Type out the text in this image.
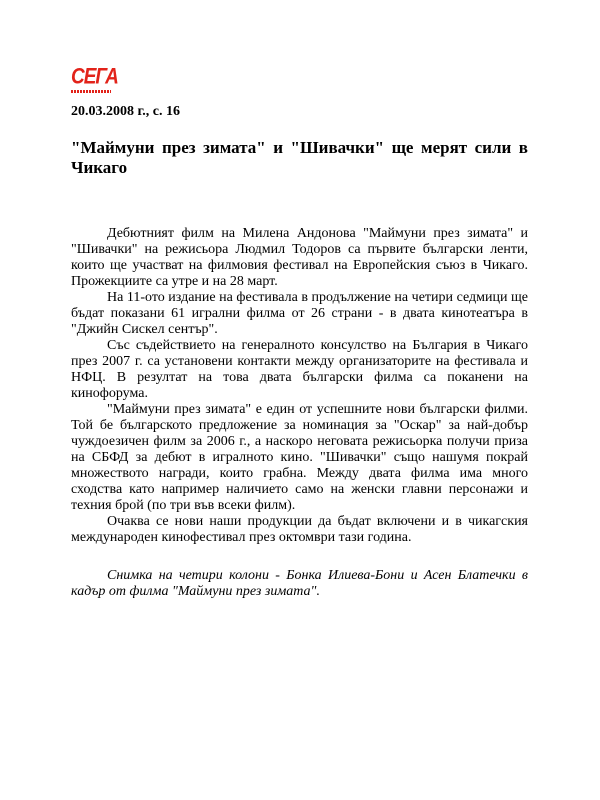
СЕГА
20.03.2008 г., с. 16
"Маймуни през зимата" и "Шивачки" ще мерят сили в Чикаго

Дебютният филм на Милена Андонова "Маймуни през зимата" и "Шивачки" на режисьора Людмил Тодоров са първите български ленти, които ще участват на филмовия фестивал на Европейския съюз в Чикаго. Прожекциите са утре и на 28 март.

На 11-ото издание на фестивала в продължение на четири седмици ще бъдат показани 61 игрални филма от 26 страни - в двата кинотеатъра в "Джийн Сискел сентър".

Със съдействието на генералното консулство на България в Чикаго през 2007 г. са установени контакти между организаторите на фестивала и НФЦ. В резултат на това двата български филма са поканени на кинофорума.

"Маймуни през зимата" е един от успешните нови български филми. Той бе българското предложение за номинация за "Оскар" за най-добър чуждоезичен филм за 2006 г., а наскоро неговата режисьорка получи приза на СБФД за дебют в игралното кино. "Шивачки" също нашумя покрай множеството награди, които грабна. Между двата филма има много сходства като например наличието само на женски главни персонажи и техния брой (по три във всеки филм).

Очаква се нови наши продукции да бъдат включени и в чикагския международен кинофестивал през октомври тази година.

Снимка на четири колони - Бонка Илиева-Бони и Асен Блатечки в кадър от филма "Маймуни през зимата".
